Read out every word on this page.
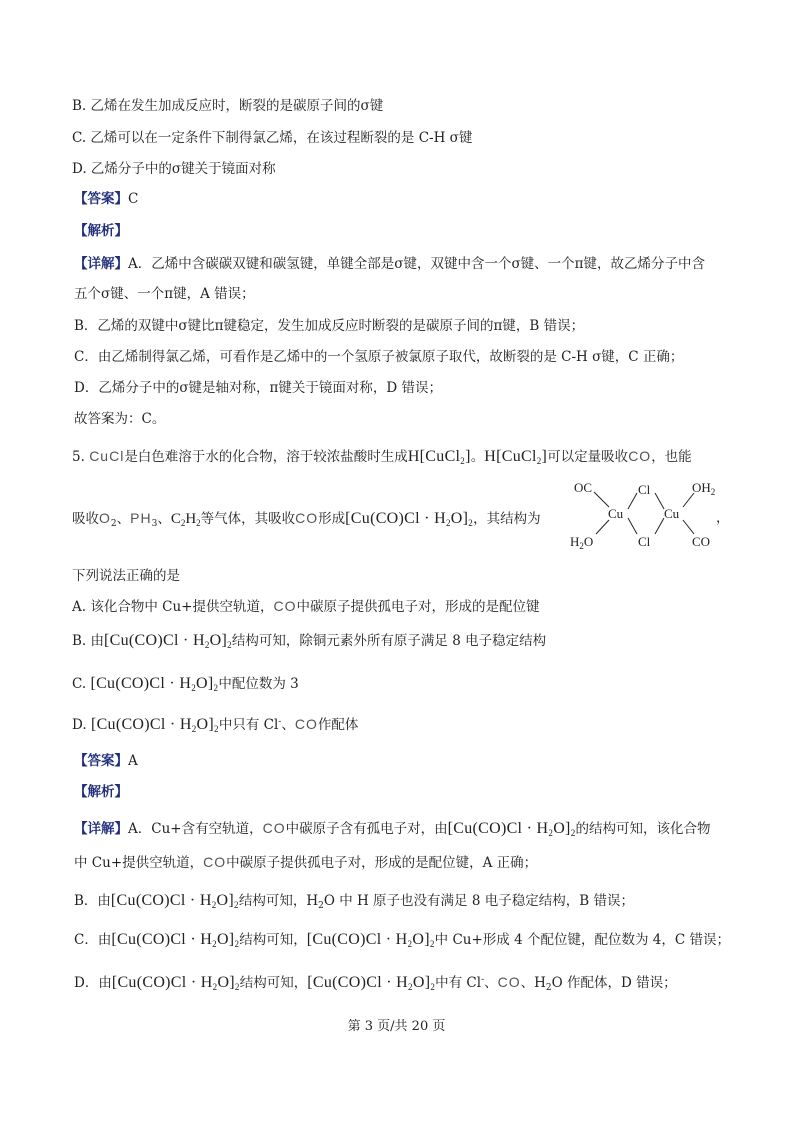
B. 乙烯在发生加成反应时，断裂的是碳原子间的σ键
C. 乙烯可以在一定条件下制得氯乙烯，在该过程断裂的是 C-H σ键
D. 乙烯分子中的σ键关于镜面对称
【答案】C
【解析】
【详解】A．乙烯中含碳碳双键和碳氢键，单键全部是σ键，双键中含一个σ键、一个π键，故乙烯分子中含
五个σ键、一个π键，A 错误；
B．乙烯的双键中σ键比π键稳定，发生加成反应时断裂的是碳原子间的π键，B 错误；
C．由乙烯制得氯乙烯，可看作是乙烯中的一个氢原子被氯原子取代，故断裂的是 C-H σ键，C 正确；
D．乙烯分子中的σ键是轴对称，π键关于镜面对称，D 错误；
故答案为：C。
5. CuCl是白色难溶于水的化合物，溶于较浓盐酸时生成H[CuCl$_2$]。H[CuCl$_2$]可以定量吸收CO，也能
吸收$O_2$、$PH_3$、$C_2H_2$等气体，其吸收CO形成$[Cu(CO)Cl \cdot H_2O]_2$，其结构为	，
OC	Cl	$OH_2$
Cu	Cu
$H_2O$	Cl	CO
下列说法正确的是
A. 该化合物中 Cu+提供空轨道，CO中碳原子提供孤电子对，形成的是配位键
B. 由$[Cu(CO)Cl \cdot H_2O]_2$结构可知，除铜元素外所有原子满足 8 电子稳定结构
C. $[Cu(CO)Cl \cdot H_2O]_2$中配位数为 3
D. $[Cu(CO)Cl \cdot H_2O]_2$中只有 Cl-、CO作配体
【答案】A
【解析】
【详解】A．Cu+含有空轨道，CO中碳原子含有孤电子对，由$[Cu(CO)Cl \cdot H_2O]_2$的结构可知，该化合物
中 Cu+提供空轨道，CO中碳原子提供孤电子对，形成的是配位键，A 正确；
B．由$[Cu(CO)Cl \cdot H_2O]_2$结构可知，$H_2O$ 中 H 原子也没有满足 8 电子稳定结构，B 错误；
C．由$[Cu(CO)Cl \cdot H_2O]_2$结构可知，$[Cu(CO)Cl \cdot H_2O]_2$中 Cu+形成 4 个配位键，配位数为 4，C 错误；
D．由$[Cu(CO)Cl \cdot H_2O]_2$结构可知，$[Cu(CO)Cl \cdot H_2O]_2$中有 Cl-、CO、$H_2O$ 作配体，D 错误；
第 3 页/共 20 页
